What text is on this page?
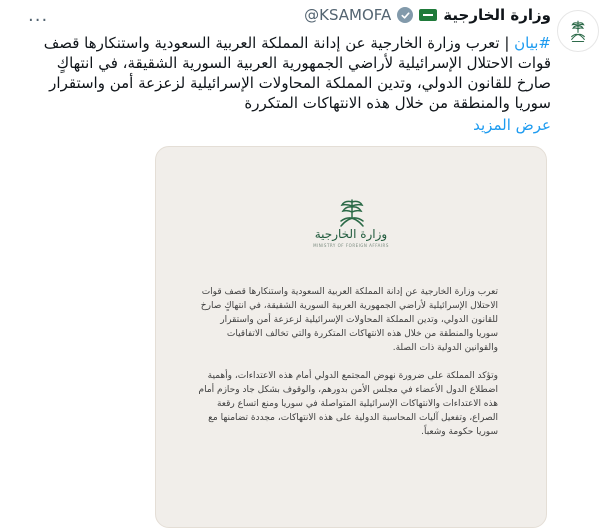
وزارة الخارجية
@KSAMOFA
···
#بيان | تعرب وزارة الخارجية عن إدانة المملكة العربية السعودية واستنكارها قصف قوات الاحتلال الإسرائيلية لأراضي الجمهورية العربية السورية الشقيقة، في انتهاكٍ صارخ للقانون الدولي، وتدين المملكة المحاولات الإسرائيلية لزعزعة أمن واستقرار سوريا والمنطقة من خلال هذه الانتهاكات المتكررة
عرض المزيد
وزارة الخارجية
MINISTRY OF FOREIGN AFFAIRS

تعرب وزارة الخارجية عن إدانة المملكة العربية السعودية واستنكارها قصف قوات الاحتلال الإسرائيلية لأراضي الجمهورية العربية السورية الشقيقة، في انتهاكٍ صارخ للقانون الدولي، وتدين المملكة المحاولات الإسرائيلية لزعزعة أمن واستقرار سوريا والمنطقة من خلال هذه الانتهاكات المتكررة والتي تخالف الاتفاقيات والقوانين الدولية ذات الصلة.

وتؤكد المملكة على ضرورة نهوض المجتمع الدولي أمام هذه الاعتداءات، وأهمية اضطلاع الدول الأعضاء في مجلس الأمن بدورهم، والوقوف بشكل جاد وحازم أمام هذه الاعتداءات والانتهاكات الإسرائيلية المتواصلة في سوريا ومنع اتساع رقعة الصراع، وتفعيل آليات المحاسبة الدولية على هذه الانتهاكات، مجددة تضامنها مع سوريا حكومة وشعباً.
